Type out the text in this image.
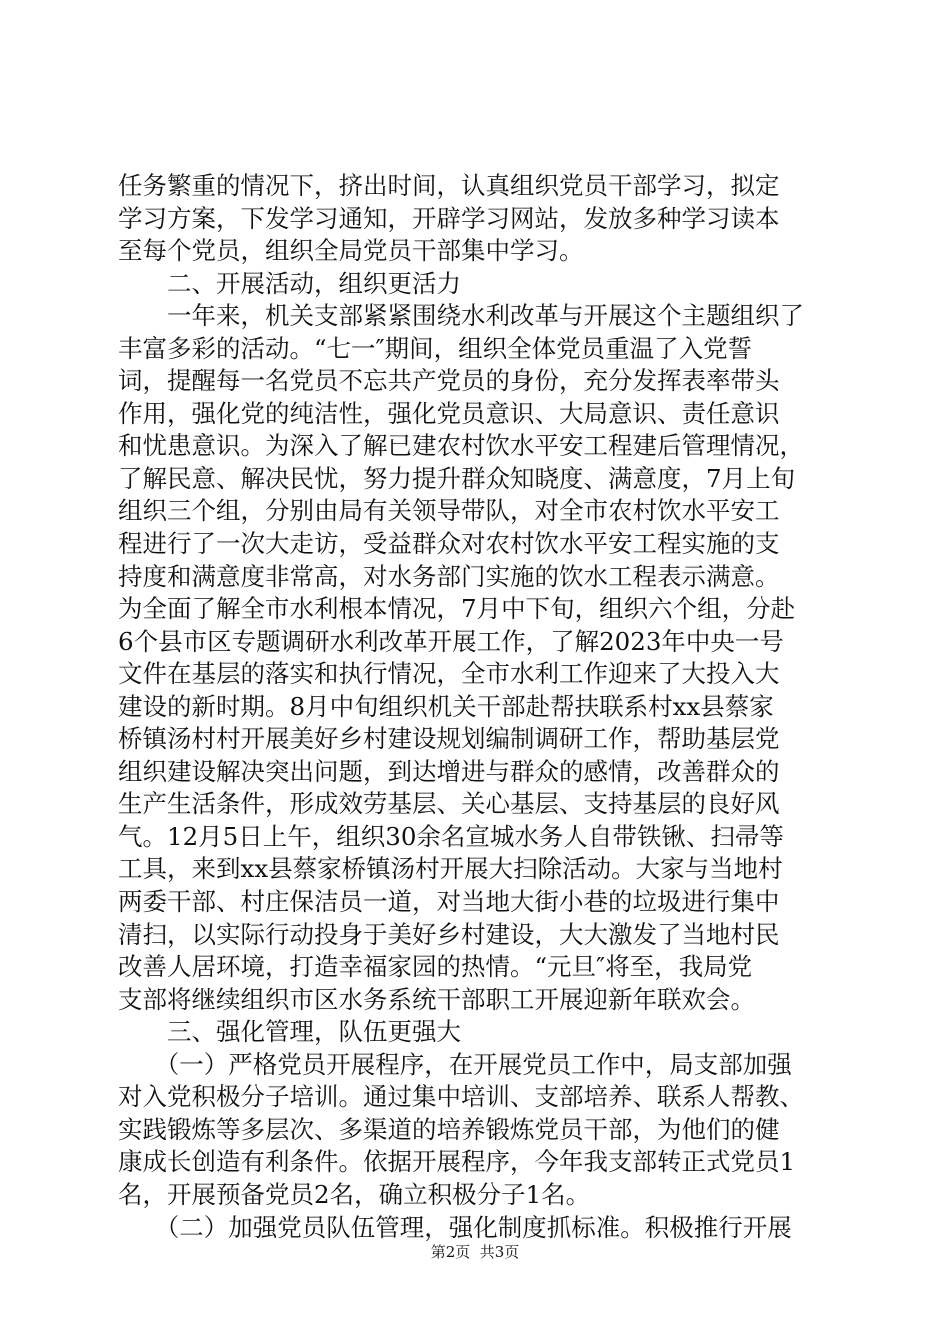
任务繁重的情况下，挤出时间，认真组织党员干部学习，拟定
学习方案，下发学习通知，开辟学习网站，发放多种学习读本
至每个党员，组织全局党员干部集中学习。
　　二、开展活动，组织更活力
　　一年来，机关支部紧紧围绕水利改革与开展这个主题组织了
丰富多彩的活动。“七一″期间，组织全体党员重温了入党誓
词，提醒每一名党员不忘共产党员的身份，充分发挥表率带头
作用，强化党的纯洁性，强化党员意识、大局意识、责任意识
和忧患意识。为深入了解已建农村饮水平安工程建后管理情况，
了解民意、解决民忧，努力提升群众知晓度、满意度，7月上旬
组织三个组，分别由局有关领导带队，对全市农村饮水平安工
程进行了一次大走访，受益群众对农村饮水平安工程实施的支
持度和满意度非常高，对水务部门实施的饮水工程表示满意。
为全面了解全市水利根本情况，7月中下旬，组织六个组，分赴
6个县市区专题调研水利改革开展工作，了解2023年中央一号
文件在基层的落实和执行情况，全市水利工作迎来了大投入大
建设的新时期。8月中旬组织机关干部赴帮扶联系村xx县蔡家
桥镇汤村村开展美好乡村建设规划编制调研工作，帮助基层党
组织建设解决突出问题，到达增进与群众的感情，改善群众的
生产生活条件，形成效劳基层、关心基层、支持基层的良好风
气。12月5日上午，组织30余名宣城水务人自带铁锹、扫帚等
工具，来到xx县蔡家桥镇汤村开展大扫除活动。大家与当地村
两委干部、村庄保洁员一道，对当地大街小巷的垃圾进行集中
清扫，以实际行动投身于美好乡村建设，大大激发了当地村民
改善人居环境，打造幸福家园的热情。“元旦″将至，我局党
支部将继续组织市区水务系统干部职工开展迎新年联欢会。
　　三、强化管理，队伍更强大
　　（一）严格党员开展程序，在开展党员工作中，局支部加强
对入党积极分子培训。通过集中培训、支部培养、联系人帮教、
实践锻炼等多层次、多渠道的培养锻炼党员干部，为他们的健
康成长创造有利条件。依据开展程序，今年我支部转正式党员1
名，开展预备党员2名，确立积极分子1名。
　　（二）加强党员队伍管理，强化制度抓标准。积极推行开展
第2页  共3页
